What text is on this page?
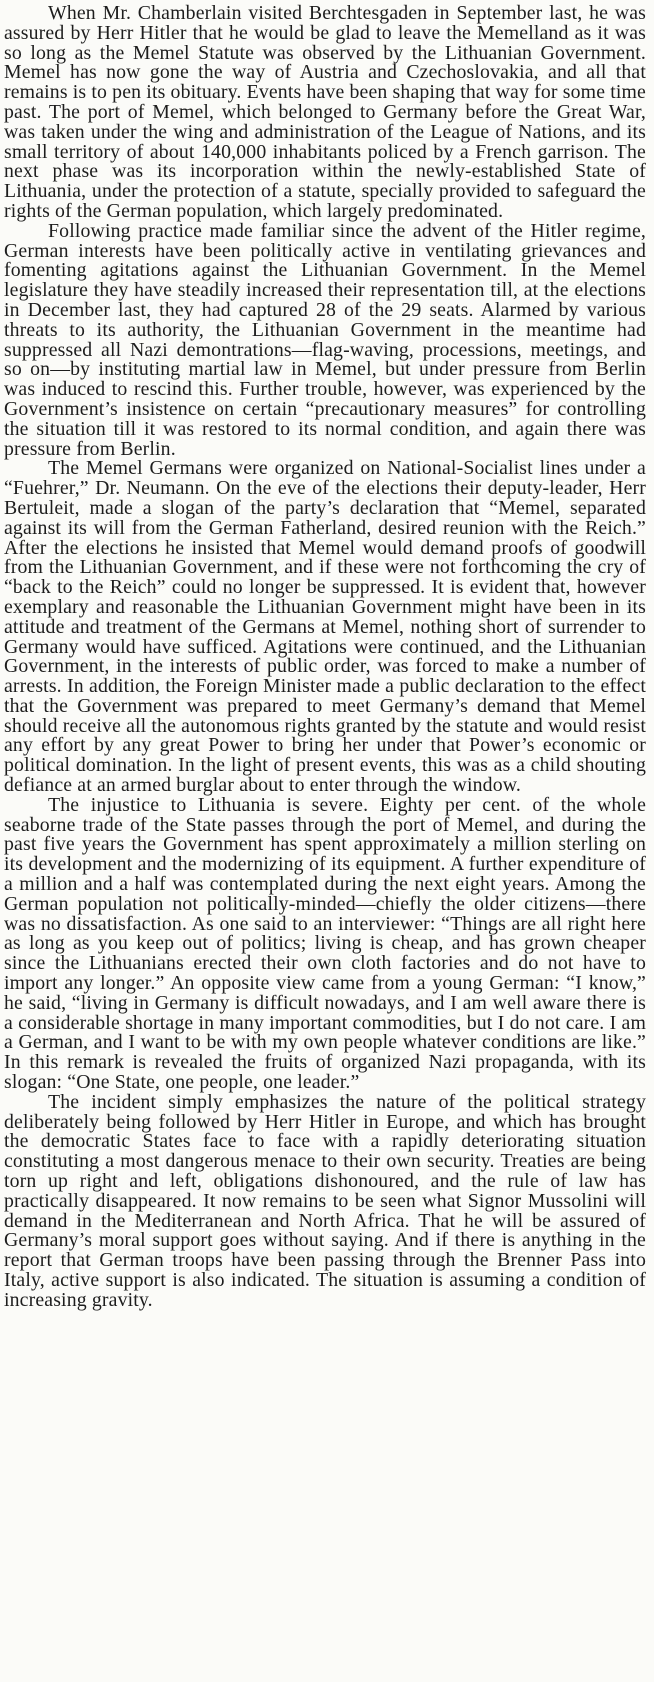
When Mr. Chamberlain visited Berchtesgaden in September last, he was assured by Herr Hitler that he would be glad to leave the Memelland as it was so long as the Memel Statute was observed by the Lithuanian Government. Memel has now gone the way of Austria and Czechoslovakia, and all that remains is to pen its obituary. Events have been shaping that way for some time past. The port of Memel, which belonged to Germany before the Great War, was taken under the wing and administration of the League of Nations, and its small territory of about 140,000 inhabitants policed by a French garrison. The next phase was its incorporation within the newly-established State of Lithuania, under the protection of a statute, specially provided to safeguard the rights of the German population, which largely predominated.

Following practice made familiar since the advent of the Hitler regime, German interests have been politically active in ventilating grievances and fomenting agitations against the Lithuanian Government. In the Memel legislature they have steadily increased their representation till, at the elections in December last, they had captured 28 of the 29 seats. Alarmed by various threats to its authority, the Lithuanian Government in the meantime had suppressed all Nazi demontrations—flag-waving, processions, meetings, and so on—by instituting martial law in Memel, but under pressure from Berlin was induced to rescind this. Further trouble, however, was experienced by the Government’s insistence on certain “precautionary measures” for controlling the situation till it was restored to its normal condition, and again there was pressure from Berlin.

The Memel Germans were organized on National-Socialist lines under a “Fuehrer,” Dr. Neumann. On the eve of the elections their deputy-leader, Herr Bertuleit, made a slogan of the party’s declaration that “Memel, separated against its will from the German Fatherland, desired reunion with the Reich.” After the elections he insisted that Memel would demand proofs of goodwill from the Lithuanian Government, and if these were not forthcoming the cry of “back to the Reich” could no longer be suppressed. It is evident that, however exemplary and reasonable the Lithuanian Government might have been in its attitude and treatment of the Germans at Memel, nothing short of surrender to Germany would have sufficed. Agitations were continued, and the Lithuanian Government, in the interests of public order, was forced to make a number of arrests. In addition, the Foreign Minister made a public declaration to the effect that the Government was prepared to meet Germany’s demand that Memel should receive all the autonomous rights granted by the statute and would resist any effort by any great Power to bring her under that Power’s economic or political domination. In the light of present events, this was as a child shouting defiance at an armed burglar about to enter through the window.

The injustice to Lithuania is severe. Eighty per cent. of the whole seaborne trade of the State passes through the port of Memel, and during the past five years the Government has spent approximately a million sterling on its development and the modernizing of its equipment. A further expenditure of a million and a half was contemplated during the next eight years. Among the German population not politically-minded—chiefly the older citizens—there was no dissatisfaction. As one said to an interviewer: “Things are all right here as long as you keep out of politics; living is cheap, and has grown cheaper since the Lithuanians erected their own cloth factories and do not have to import any longer.” An opposite view came from a young German: “I know,” he said, “living in Germany is difficult nowadays, and I am well aware there is a considerable shortage in many important commodities, but I do not care. I am a German, and I want to be with my own people whatever conditions are like.” In this remark is revealed the fruits of organized Nazi propaganda, with its slogan: “One State, one people, one leader.”

The incident simply emphasizes the nature of the political strategy deliberately being followed by Herr Hitler in Europe, and which has brought the democratic States face to face with a rapidly deteriorating situation constituting a most dangerous menace to their own security. Treaties are being torn up right and left, obligations dishonoured, and the rule of law has practically disappeared. It now remains to be seen what Signor Mussolini will demand in the Mediterranean and North Africa. That he will be assured of Germany’s moral support goes without saying. And if there is anything in the report that German troops have been passing through the Brenner Pass into Italy, active support is also indicated. The situation is assuming a condition of increasing gravity.
